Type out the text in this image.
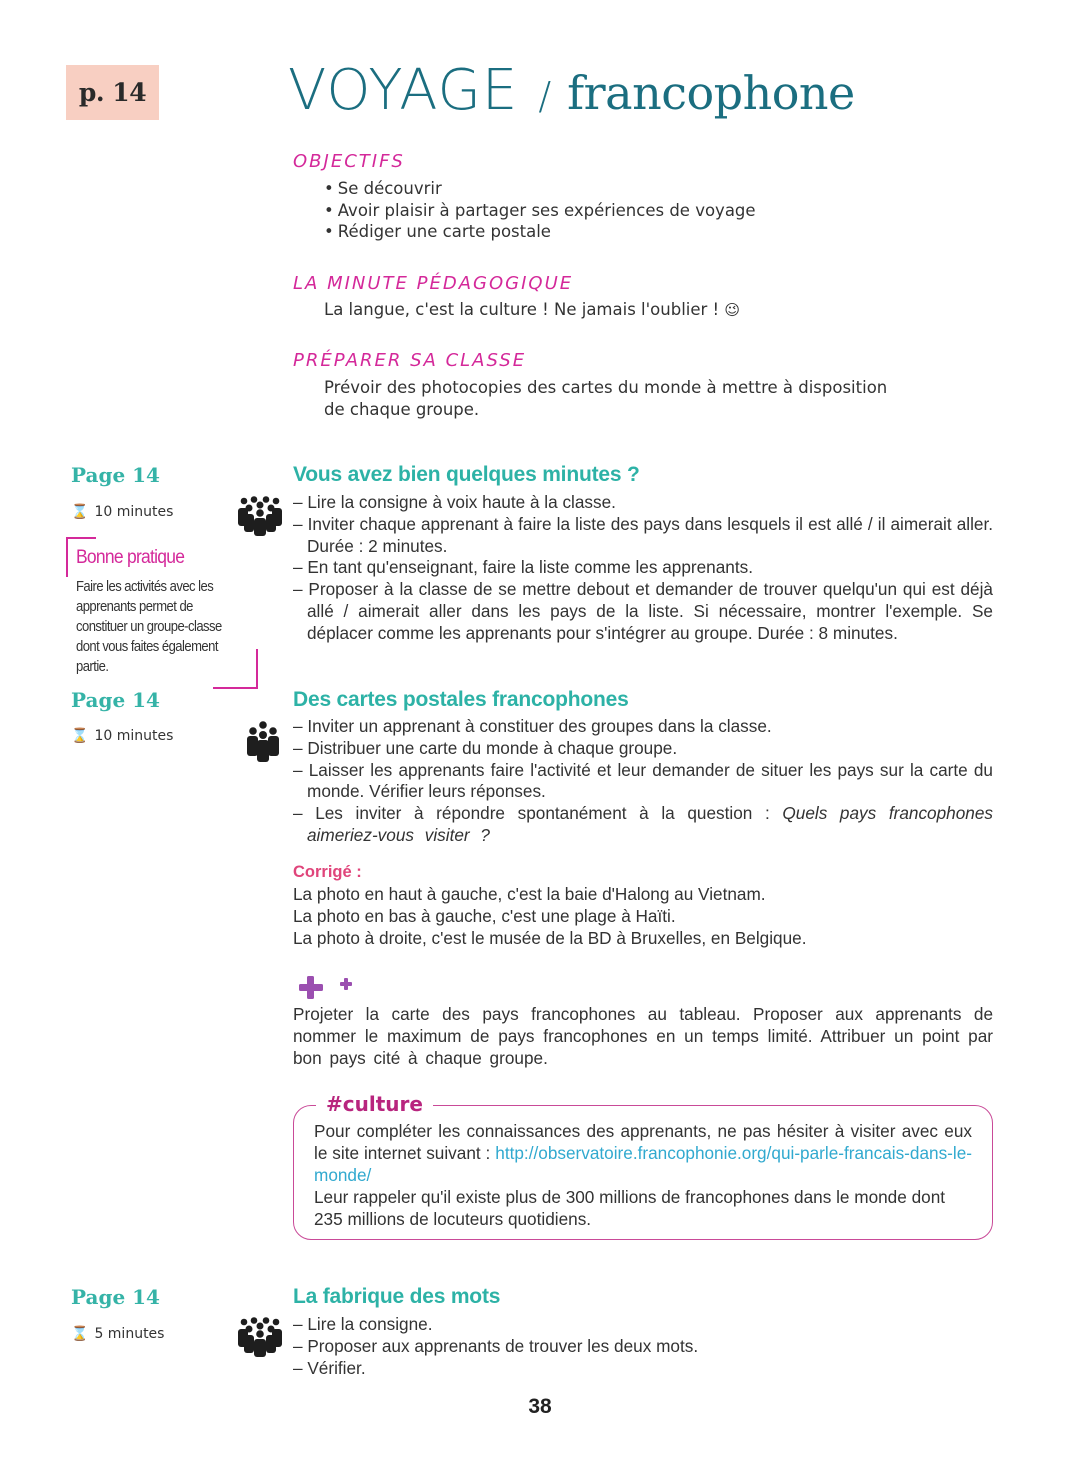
p. 14	VOYAGE / francophone
OBJECTIFS
• Se découvrir
• Avoir plaisir à partager ses expériences de voyage
• Rédiger une carte postale
LA MINUTE PÉDAGOGIQUE
La langue, c'est la culture ! Ne jamais l'oublier ! 😉
PRÉPARER SA CLASSE
Prévoir des photocopies des cartes du monde à mettre à disposition
de chaque groupe.
Page 14
⌛ 10 minutes
Vous avez bien quelques minutes ?
– Lire la consigne à voix haute à la classe.
– Inviter chaque apprenant à faire la liste des pays dans lesquels il est allé / il aimerait aller. Durée : 2 minutes.
– En tant qu'enseignant, faire la liste comme les apprenants.
– Proposer à la classe de se mettre debout et demander de trouver quelqu'un qui est déjà allé / aimerait aller dans les pays de la liste. Si nécessaire, montrer l'exemple. Se déplacer comme les apprenants pour s'intégrer au groupe. Durée : 8 minutes.
Bonne pratique
Faire les activités avec les apprenants permet de constituer un groupe-classe dont vous faites également partie.
Page 14
⌛ 10 minutes
Des cartes postales francophones
– Inviter un apprenant à constituer des groupes dans la classe.
– Distribuer une carte du monde à chaque groupe.
– Laisser les apprenants faire l'activité et leur demander de situer les pays sur la carte du monde. Vérifier leurs réponses.
– Les inviter à répondre spontanément à la question : Quels pays francophones aimeriez-vous visiter ?
Corrigé :
La photo en haut à gauche, c'est la baie d'Halong au Vietnam.
La photo en bas à gauche, c'est une plage à Haïti.
La photo à droite, c'est le musée de la BD à Bruxelles, en Belgique.

Projeter la carte des pays francophones au tableau. Proposer aux apprenants de nommer le maximum de pays francophones en un temps limité. Attribuer un point par bon pays cité à chaque groupe.

#culture

Pour compléter les connaissances des apprenants, ne pas hésiter à visiter avec eux le site internet suivant : http://observatoire.francophonie.org/qui-parle-francais-dans-le-monde/

Leur rappeler qu'il existe plus de 300 millions de francophones dans le monde dont 235 millions de locuteurs quotidiens.

Page 14
⌛ 5 minutes
La fabrique des mots
– Lire la consigne.
– Proposer aux apprenants de trouver les deux mots.
– Vérifier.
38
